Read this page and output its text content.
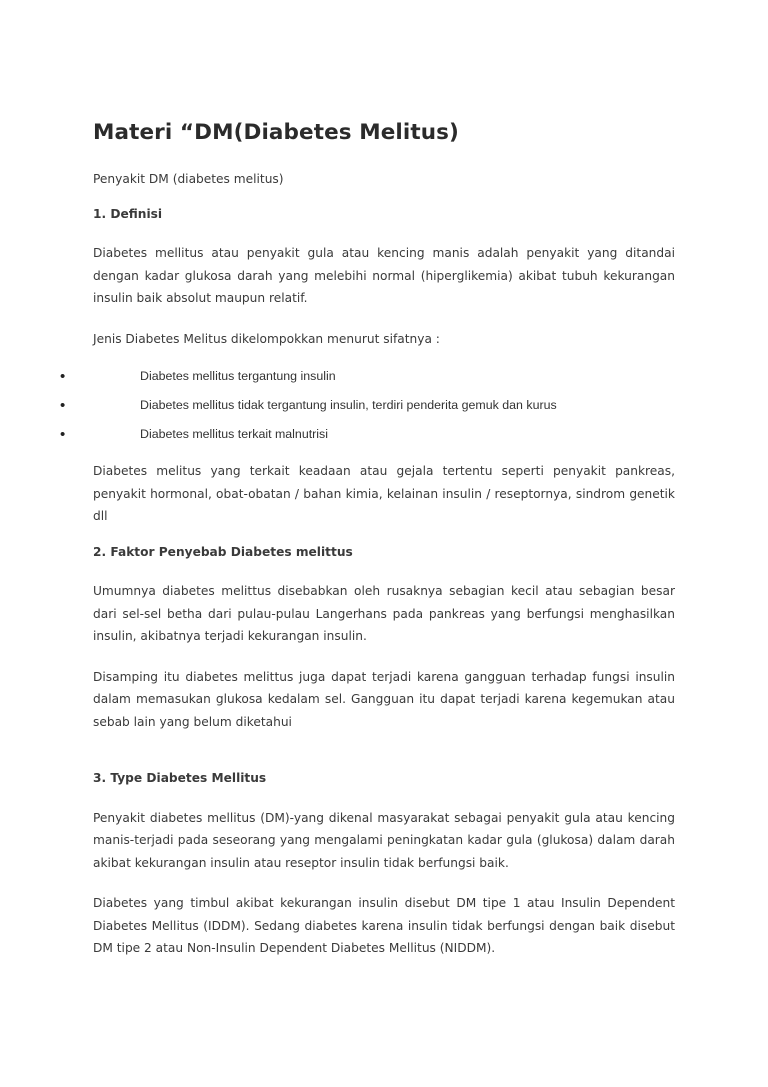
Materi “DM(Diabetes Melitus)

Penyakit DM (diabetes melitus)

1. Definisi

Diabetes mellitus atau penyakit gula atau kencing manis adalah penyakit yang ditandai dengan kadar glukosa darah yang melebihi normal (hiperglikemia) akibat tubuh kekurangan insulin baik absolut maupun relatif.

Jenis Diabetes Melitus dikelompokkan menurut sifatnya :

•	Diabetes mellitus tergantung insulin
•	Diabetes mellitus tidak tergantung insulin, terdiri penderita gemuk dan kurus
•	Diabetes mellitus terkait malnutrisi

Diabetes melitus yang terkait keadaan atau gejala tertentu seperti penyakit pankreas, penyakit hormonal, obat-obatan / bahan kimia, kelainan insulin / reseptornya, sindrom genetik dll

2. Faktor Penyebab Diabetes melittus

Umumnya diabetes melittus disebabkan oleh rusaknya sebagian kecil atau sebagian besar dari sel-sel betha dari pulau-pulau Langerhans pada pankreas yang berfungsi menghasilkan insulin, akibatnya terjadi kekurangan insulin.

Disamping itu diabetes melittus juga dapat terjadi karena gangguan terhadap fungsi insulin dalam memasukan glukosa kedalam sel. Gangguan itu dapat terjadi karena kegemukan atau sebab lain yang belum diketahui

3. Type Diabetes Mellitus

Penyakit diabetes mellitus (DM)-yang dikenal masyarakat sebagai penyakit gula atau kencing manis-terjadi pada seseorang yang mengalami peningkatan kadar gula (glukosa) dalam darah akibat kekurangan insulin atau reseptor insulin tidak berfungsi baik.

Diabetes yang timbul akibat kekurangan insulin disebut DM tipe 1 atau Insulin Dependent Diabetes Mellitus (IDDM). Sedang diabetes karena insulin tidak berfungsi dengan baik disebut DM tipe 2 atau Non-Insulin Dependent Diabetes Mellitus (NIDDM).
